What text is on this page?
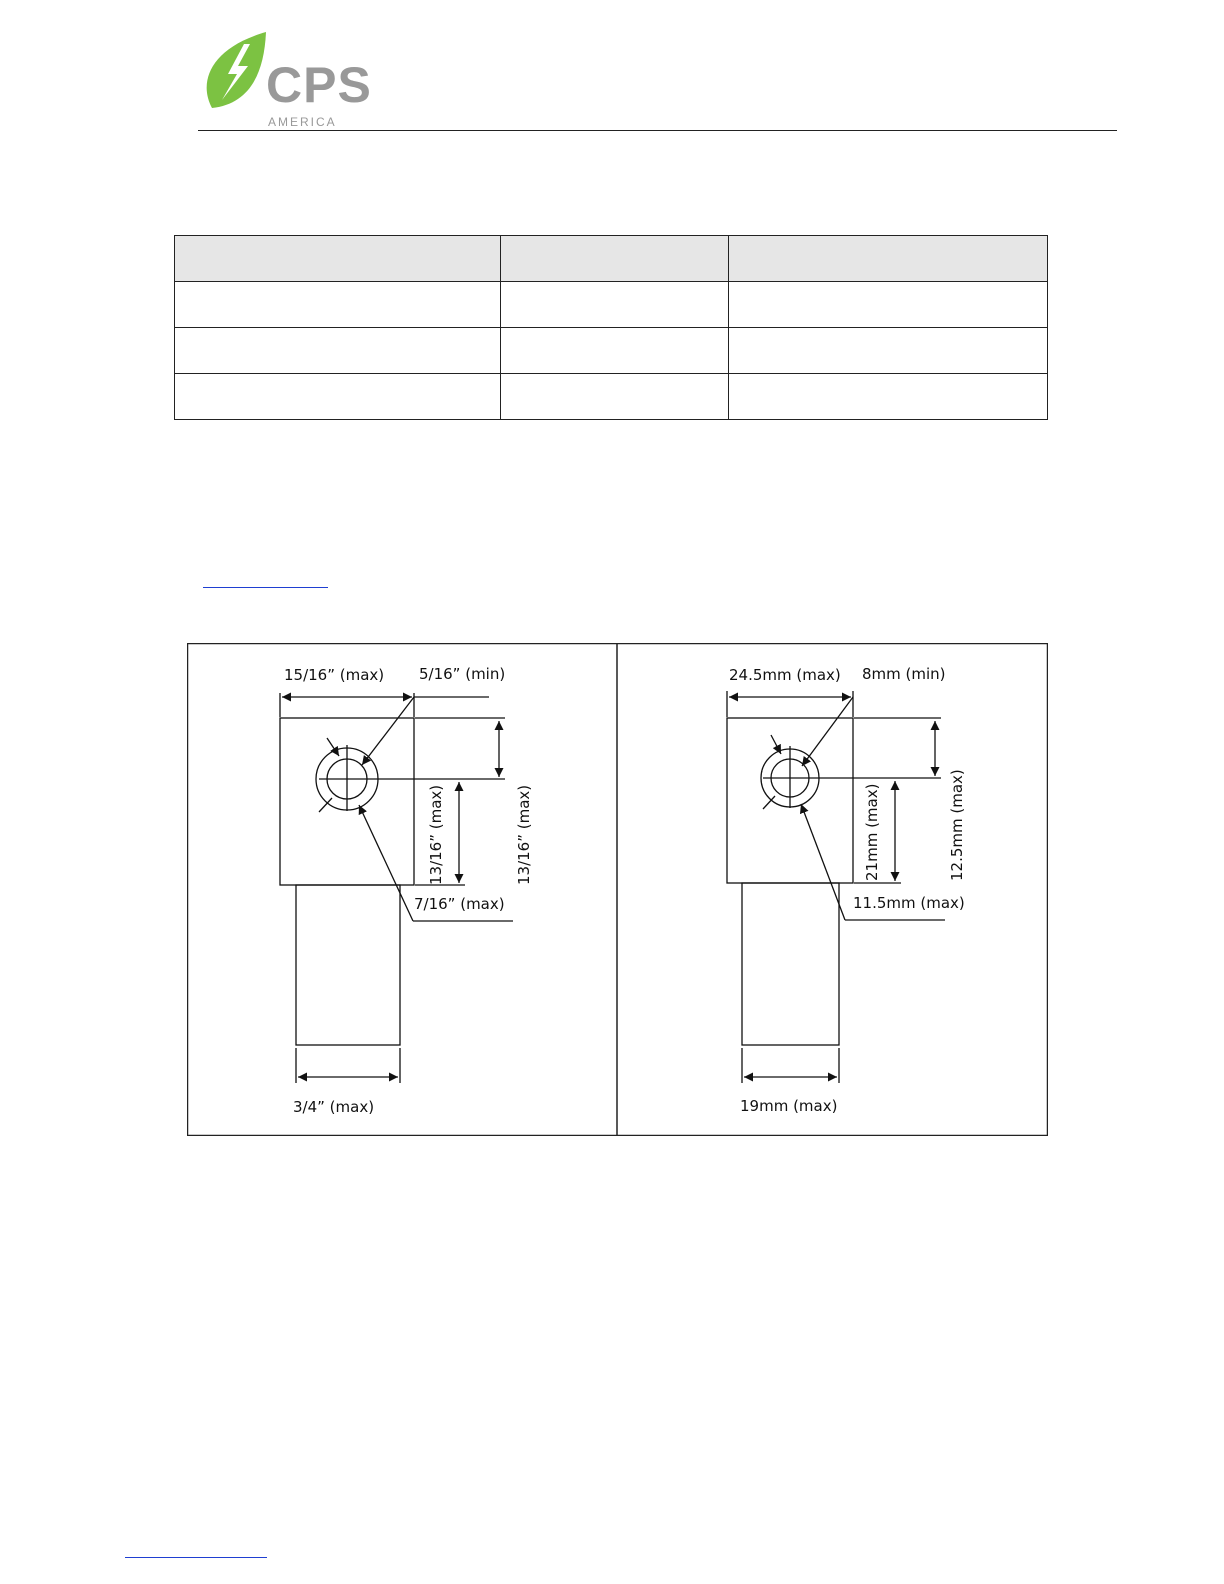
CPS
AMERICA

15/16” (max) 5/16” (min)
13/16” (max)	13/16” (max)
7/16” (max)
3/4” (max)
24.5mm (max) 8mm (min)
21mm (max)	12.5mm (max)
11.5mm (max)
19mm (max)
